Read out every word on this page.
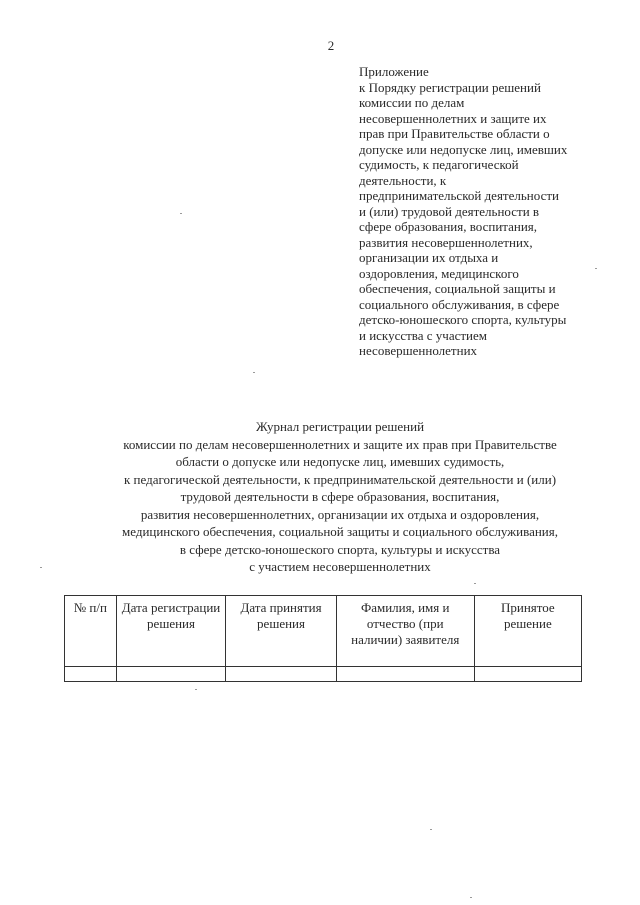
2
Приложение
к Порядку регистрации решений
комиссии по делам
несовершеннолетних и защите их
прав при Правительстве области о
допуске или недопуске лиц, имевших
судимость, к педагогической
деятельности, к
предпринимательской деятельности
и (или) трудовой деятельности в
сфере образования, воспитания,
развития несовершеннолетних,
организации их отдыха и
оздоровления, медицинского
обеспечения, социальной защиты и
социального обслуживания, в сфере
детско-юношеского спорта, культуры
и искусства с участием
несовершеннолетних
Журнал регистрации решений
комиссии по делам несовершеннолетних и защите их прав при Правительстве
области о допуске или недопуске лиц, имевших судимость,
к педагогической деятельности, к предпринимательской деятельности и (или)
трудовой деятельности в сфере образования, воспитания,
развития несовершеннолетних, организации их отдыха и оздоровления,
медицинского обеспечения, социальной защиты и социального обслуживания,
в сфере детско-юношеского спорта, культуры и искусства
с участием несовершеннолетних
№ п/п	Дата регистрации решения	Дата принятия решения	Фамилия, имя и отчество (при наличии) заявителя	Принятое решение
